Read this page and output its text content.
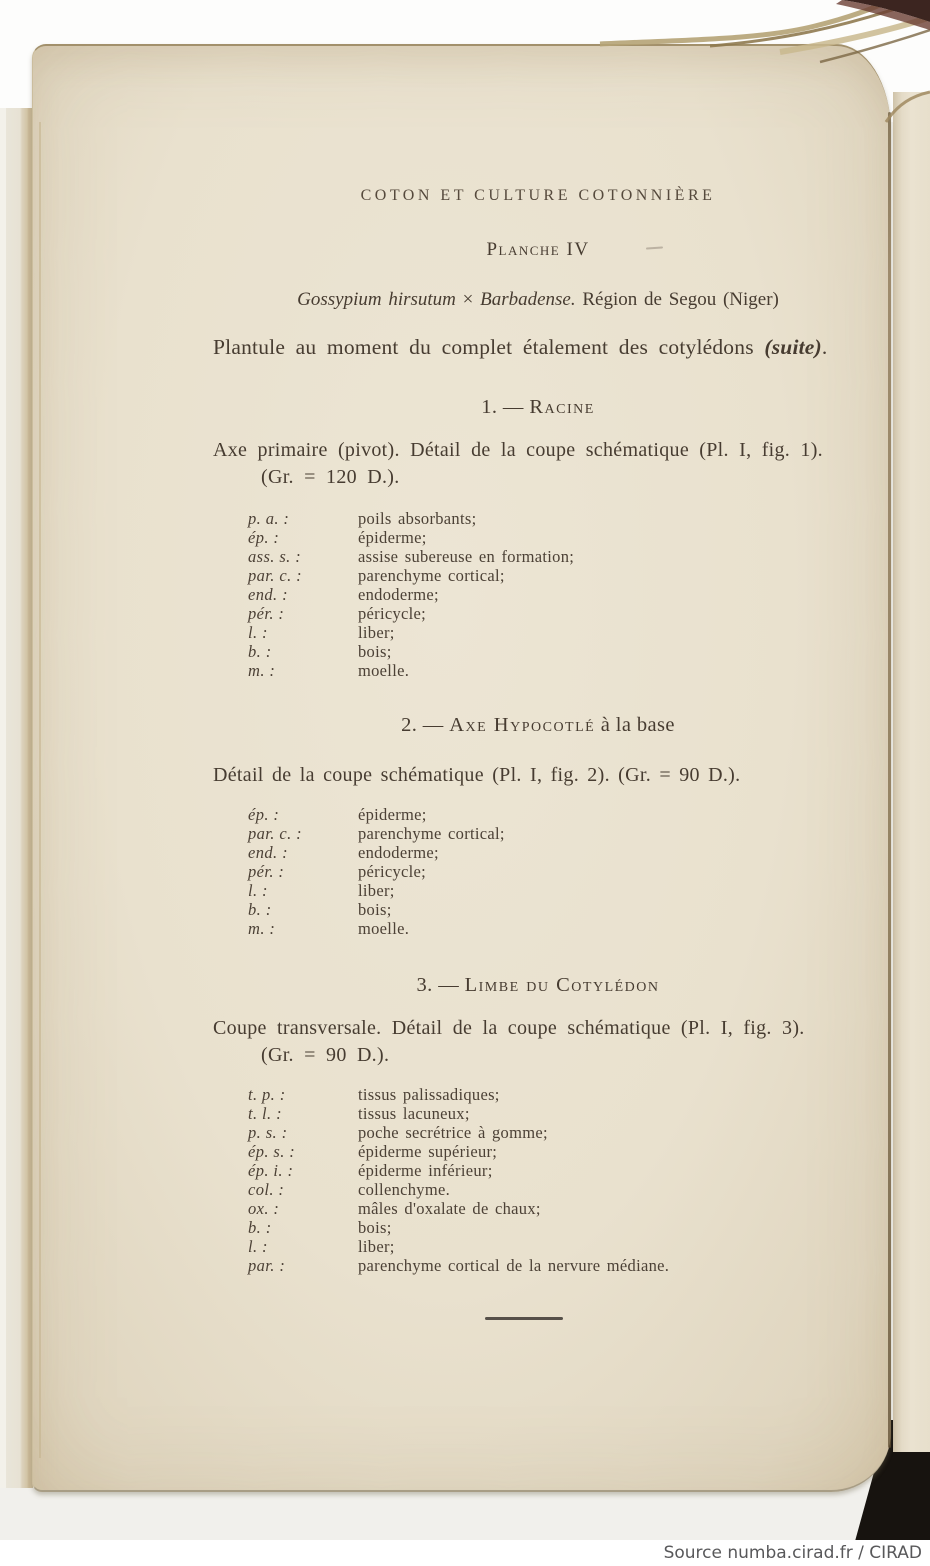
COTON ET CULTURE COTONNIÈRE
Planche IV
Gossypium hirsutum × Barbadense. Région de Segou (Niger)
Plantule au moment du complet étalement des cotylédons (suite).
1. — Racine
Axe primaire (pivot). Détail de la coupe schématique (Pl. I, fig. 1).
(Gr. = 120 D.).
p. a. :	poils absorbants;
ép. :	épiderme;
ass. s. :	assise subereuse en formation;
par. c. :	parenchyme cortical;
end. :	endoderme;
pér. :	péricycle;
l. :	liber;
b. :	bois;
m. :	moelle.
2. — Axe Hypocotlé à la base
Détail de la coupe schématique (Pl. I, fig. 2). (Gr. = 90 D.).
ép. :	épiderme;
par. c. :	parenchyme cortical;
end. :	endoderme;
pér. :	péricycle;
l. :	liber;
b. :	bois;
m. :	moelle.
3. — Limbe du Cotylédon
Coupe transversale. Détail de la coupe schématique (Pl. I, fig. 3).
(Gr. = 90 D.).
t. p. :	tissus palissadiques;
t. l. :	tissus lacuneux;
p. s. :	poche secrétrice à gomme;
ép. s. :	épiderme supérieur;
ép. i. :	épiderme inférieur;
col. :	collenchyme.
ox. :	mâles d'oxalate de chaux;
b. :	bois;
l. :	liber;
par. :	parenchyme cortical de la nervure médiane.
Source numba.cirad.fr / CIRAD
